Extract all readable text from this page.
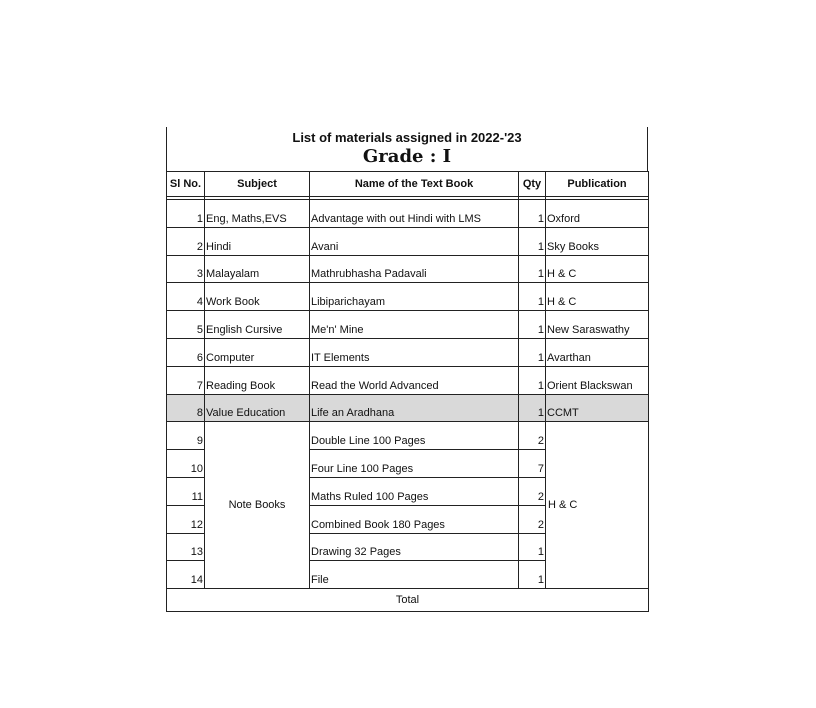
List of materials assigned in 2022-'23
Grade : I
Sl No.	Subject	Name of the Text Book	Qty	Publication

1	Eng, Maths,EVS	Advantage with out Hindi with LMS	1	Oxford
2	Hindi	Avani	1	Sky Books
3	Malayalam	Mathrubhasha Padavali	1	H & C
4	Work Book	Libiparichayam	1	H & C
5	English Cursive	Me'n' Mine	1	New Saraswathy
6	Computer	IT Elements	1	Avarthan
7	Reading Book	Read the World Advanced	1	Orient Blackswan
8	Value Education	Life an Aradhana	1	CCMT
9	Note Books	Double Line 100 Pages	2	H & C
10		Four Line 100 Pages	7	
11		Maths Ruled 100 Pages	2	
12		Combined Book 180 Pages	2	
13		Drawing 32 Pages	1	
14		File	1	
Total				
